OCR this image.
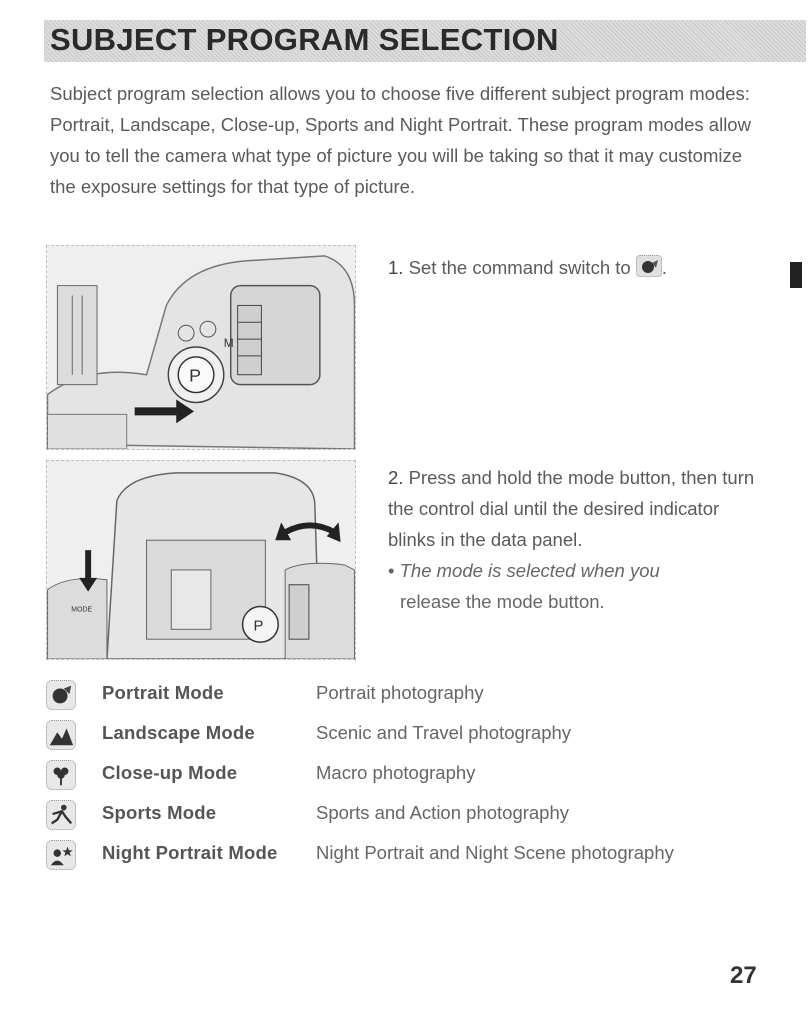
SUBJECT PROGRAM SELECTION

Subject program selection allows you to choose five different subject program modes: Portrait, Landscape, Close-up, Sports and Night Portrait. These program modes allow you to tell the camera what type of picture you will be taking so that it may customize the exposure settings for that type of picture.

P
M
P
MODE
1. Set the command switch to .
2. Press and hold the mode button, then turn the control dial until the desired indicator blinks in the data panel.
• The mode is selected when you
release the mode button.
Portrait Mode	Portrait photography
Landscape Mode	Scenic and Travel photography
Close-up Mode	Macro photography
Sports Mode	Sports and Action photography
Night Portrait Mode Night Portrait and Night Scene photography
27
